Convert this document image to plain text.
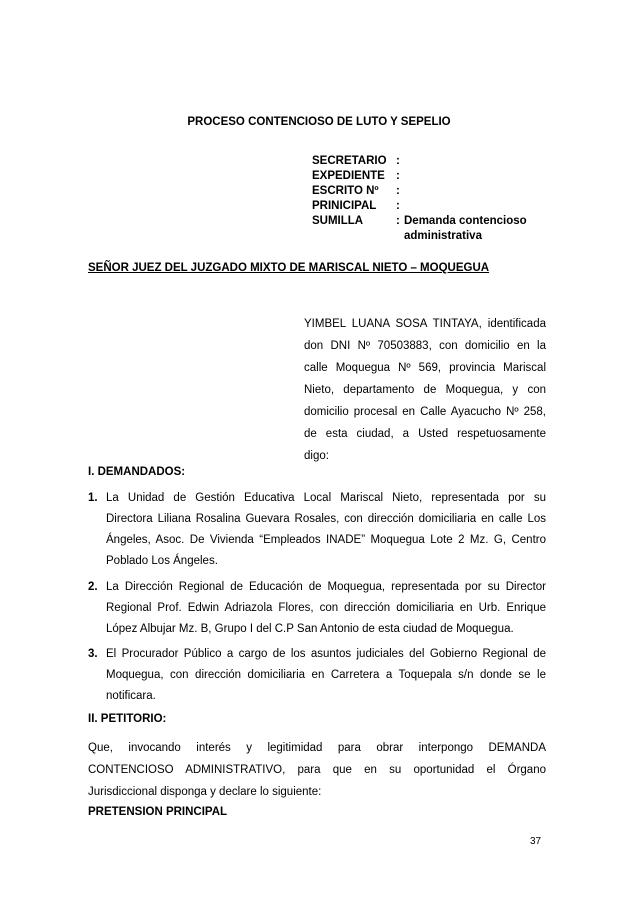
PROCESO CONTENCIOSO DE LUTO Y SEPELIO
SECRETARIO :
EXPEDIENTE :
ESCRITO Nº	:
PRINICIPAL	:
SUMILLA	: Demanda contencioso
administrativa
SEÑOR JUEZ DEL JUZGADO MIXTO DE MARISCAL NIETO – MOQUEGUA
YIMBEL LUANA SOSA TINTAYA, identificada
don DNI Nº 70503883, con domicilio en la
calle Moquegua Nº 569, provincia Mariscal
Nieto, departamento de Moquegua, y con
domicilio procesal en Calle Ayacucho Nº 258,
de esta ciudad, a Usted respetuosamente
digo:
I. DEMANDADOS:
1. La Unidad de Gestión Educativa Local Mariscal Nieto, representada por su
Directora Liliana Rosalina Guevara Rosales, con dirección domiciliaria en calle Los
Ángeles, Asoc. De Vivienda “Empleados INADE” Moquegua Lote 2 Mz. G, Centro
Poblado Los Ángeles.
2. La Dirección Regional de Educación de Moquegua, representada por su Director
Regional Prof. Edwin Adriazola Flores, con dirección domiciliaria en Urb. Enrique
López Albujar Mz. B, Grupo I del C.P San Antonio de esta ciudad de Moquegua.
3. El Procurador Público a cargo de los asuntos judiciales del Gobierno Regional de
Moquegua, con dirección domiciliaria en Carretera a Toquepala s/n donde se le
notificara.
II. PETITORIO:
Que, invocando interés y legitimidad para obrar interpongo DEMANDA
CONTENCIOSO ADMINISTRATIVO, para que en su oportunidad el Órgano
Jurisdiccional disponga y declare lo siguiente:
PRETENSION PRINCIPAL
37
